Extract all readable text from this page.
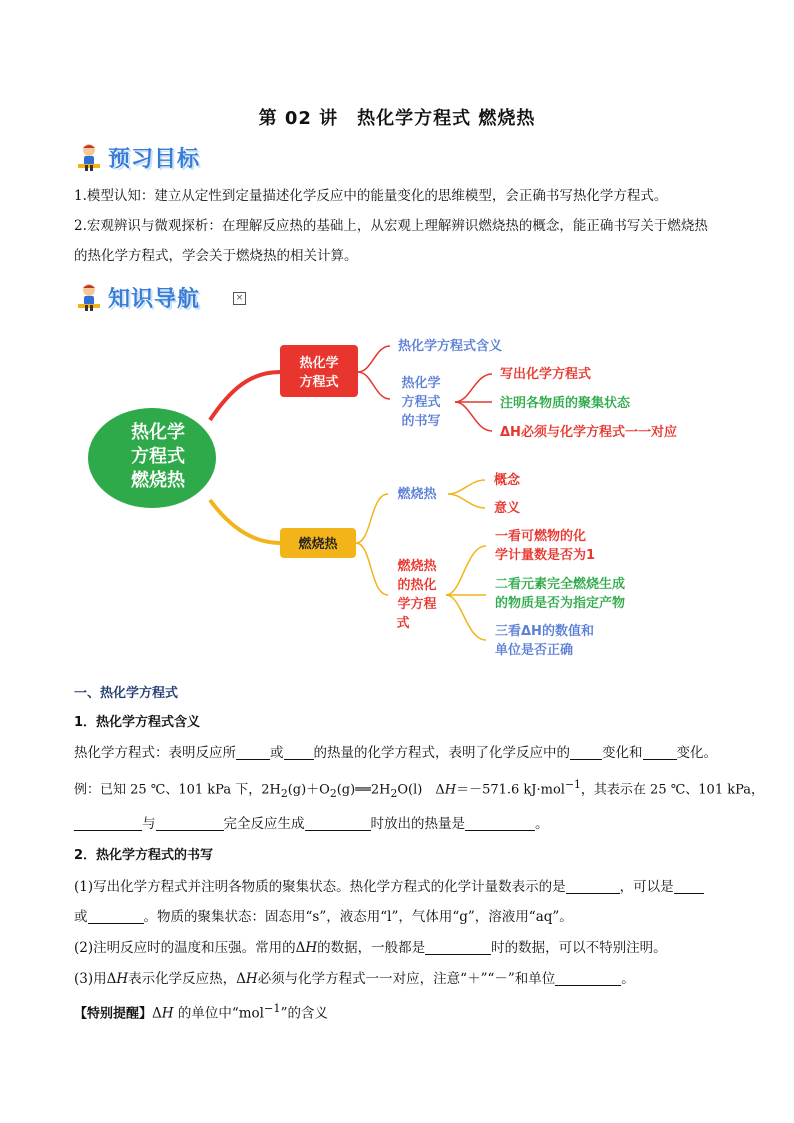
第 02 讲　热化学方程式 燃烧热
预习目标
1.模型认知：建立从定性到定量描述化学反应中的能量变化的思维模型，会正确书写热化学方程式。
2.宏观辨识与微观探析：在理解反应热的基础上，从宏观上理解辨识燃烧热的概念，能正确书写关于燃烧热
的热化学方程式，学会关于燃烧热的相关计算。
知识导航	×
热化学
方程式
燃烧热
热化学
方程式
燃烧热
热化学方程式含义
热化学
方程式
的书写
写出化学方程式
注明各物质的聚集状态
ΔH必须与化学方程式一一对应
燃烧热
燃烧热
的热化
学方程
式
概念
意义
一看可燃物的化
学计量数是否为1
二看元素完全燃烧生成
的物质是否为指定产物
三看ΔH的数值和
单位是否正确
一、热化学方程式
1．热化学方程式含义
热化学方程式：表明反应所	或 的热量的化学方程式，表明了化学反应中的 变化和	变化。
例：已知 25 ℃、101 kPa 下，$2H_2(g)+O_2(g)══2H_2O(l)$　ΔH＝－571.6 kJ·mol$^{-1}$，其表示在 25 ℃、101 kPa，
与	完全反应生成	时放出的热量是	。
2．热化学方程式的书写
(1)写出化学方程式并注明各物质的聚集状态。热化学方程式的化学计量数表示的是	，可以是
或	。物质的聚集状态：固态用“s”，液态用“l”，气体用“g”，溶液用“aq”。
(2)注明反应时的温度和压强。常用的ΔH的数据，一般都是	时的数据，可以不特别注明。
(3)用ΔH表示化学反应热，ΔH必须与化学方程式一一对应，注意“＋”“－”和单位	。
【特别提醒】ΔH 的单位中“mol$^{-1}$”的含义
